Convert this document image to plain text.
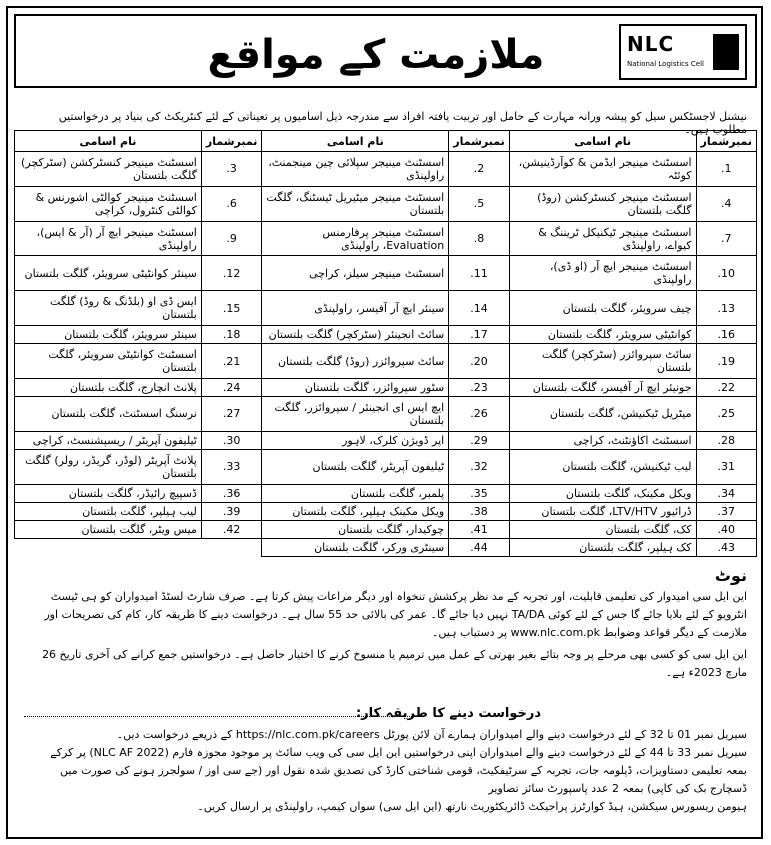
NLC
National Logistics Cell
ملازمت کے مواقع
نیشنل لاجسٹکس سیل کو پیشہ ورانہ مہارت کے حامل اور تربیت یافتہ افراد سے مندرجہ ذیل اسامیوں پر تعیناتی کے لئے کنٹریکٹ کی بنیاد پر درخواستیں مطلوب ہیں۔
نمبرشمار	نام اسامی	نمبرشمار	نام اسامی	نمبرشمار	نام اسامی
1.	اسسٹنٹ مینیجر ایڈمن & کوآرڈینیشن، کوئٹہ	2.	اسسٹنٹ مینیجر سپلائی چین مینجمنٹ، راولپنڈی	3.	اسسٹنٹ مینیجر کنسٹرکشن (سٹرکچر) گلگت بلتستان
4.	اسسٹنٹ مینیجر کنسٹرکشن (روڈ) گلگت بلتستان	5.	اسسٹنٹ مینیجر میٹیریل ٹیسٹنگ، گلگت بلتستان	6.	اسسٹنٹ مینیجر کوالٹی اشورنس & کوالٹی کنٹرول، کراچی
7.	اسسٹنٹ مینیجر ٹیکنیکل ٹریننگ & کیواے، راولپنڈی	8.	اسسٹنٹ مینیجر پرفارمنس Evaluation، راولپنڈی	9.	اسسٹنٹ مینیجر ایچ آر (آر & ایس)، راولپنڈی
10.	اسسٹنٹ مینیجر ایچ آر (او ڈی)، راولپنڈی	11.	اسسٹنٹ مینیجر سیلز، کراچی	12.	سینئر کوانٹیٹی سرویئر، گلگت بلتستان
13.	چیف سرویئر، گلگت بلتستان	14.	سینئر ایچ آر آفیسر، راولپنڈی	15.	ایس ڈی او (بلڈنگ & روڈ) گلگت بلتستان
16.	کوانٹیٹی سرویئر، گلگت بلتستان	17.	سائٹ انجینئر (سٹرکچر) گلگت بلتستان	18.	سینئر سرویئر، گلگت بلتستان
19.	سائٹ سپروائزر (سٹرکچر) گلگت بلتستان	20.	سائٹ سپروائزر (روڈ) گلگت بلتستان	21.	اسسٹنٹ کوانٹیٹی سرویئر، گلگت بلتستان
22.	جونیئر ایچ آر آفیسر، گلگت بلتستان	23.	سٹور سپروائزر، گلگت بلتستان	24.	پلانٹ انچارج، گلگت بلتستان
25.	میٹریل ٹیکنیشن، گلگت بلتستان	26.	ایچ ایس ای انجینئر / سپروائزر، گلگت بلتستان	27.	نرسنگ اسسٹنٹ، گلگت بلتستان
28.	اسسٹنٹ اکاؤنٹنٹ، کراچی	29.	اپر ڈویژن کلرک، لاہور	30.	ٹیلیفون آپریٹر / ریسپشنسٹ، کراچی
31.	لیب ٹیکنیشن، گلگت بلتستان	32.	ٹیلیفون آپریٹر، گلگت بلتستان	33.	پلانٹ آپریٹر (لوڈر، گریڈر، رولر) گلگت بلتستان
34.	ویکل مکینک، گلگت بلتستان	35.	پلمبر، گلگت بلتستان	36.	ڈسپیچ رائیڈر، گلگت بلتستان
37.	ڈرائیور LTV/HTV، گلگت بلتستان	38.	ویکل مکینک ہیلپر، گلگت بلتستان	39.	لیب ہیلپر، گلگت بلتستان
40.	کک، گلگت بلتستان	41.	چوکیدار، گلگت بلتستان	42.	میس ویٹر، گلگت بلتستان
43.	کک ہیلپر، گلگت بلتستان	44.	سینٹری ورکر، گلگت بلتستان		
نوٹ
این ایل سی امیدوار کی تعلیمی قابلیت، اور تجربہ کے مد نظر پرکشش تنخواہ اور دیگر مراعات پیش کرتا ہے۔ صرف شارٹ لسٹڈ امیدواران کو ہی ٹیسٹ انٹرویو کے لئے بلایا جائے گا جس کے لئے کوئی TA/DA نہیں دیا جائے گا۔ عمر کی بالائی حد 55 سال ہے۔ درخواست دینے کا طریقہ کار، کام کی تصریحات اور ملازمت کے دیگر قواعد وضوابط www.nlc.com.pk پر دستیاب ہیں۔
این ایل سی کو کسی بھی مرحلے پر وجہ بتائے بغیر بھرتی کے عمل میں ترمیم یا منسوخ کرنے کا اختیار حاصل ہے۔ درخواستیں جمع کرانے کی آخری تاریخ 26 مارچ 2023ء ہے۔
درخواست دینے کا طریقہ کار:
سیریل نمبر 01 تا 32 کے لئے درخواست دینے والے امیدواران ہمارے آن لائن پورٹل https://nlc.com.pk/careers کے ذریعے درخواست دیں۔
سیریل نمبر 33 تا 44 کے لئے درخواست دینے والے امیدواران اپنی درخواستیں این ایل سی کی ویب سائٹ پر موجود مجوزہ فارم (NLC AF 2022) پر کرکے بمعہ تعلیمی دستاویزات، ڈپلومہ جات، تجربہ کے سرٹیفکیٹ، قومی شناختی کارڈ کی تصدیق شدہ نقول اور (جے سی اوز / سولجرز ہونے کی صورت میں ڈسچارج بک کی کاپی) بمعہ 2 عدد پاسپورٹ سائز تصاویر
ہیومن ریسورس سیکشن، ہیڈ کوارٹرز پراجیکٹ ڈائریکٹوریٹ نارتھ (این ایل سی) سواں کیمپ، راولپنڈی پر ارسال کریں۔
